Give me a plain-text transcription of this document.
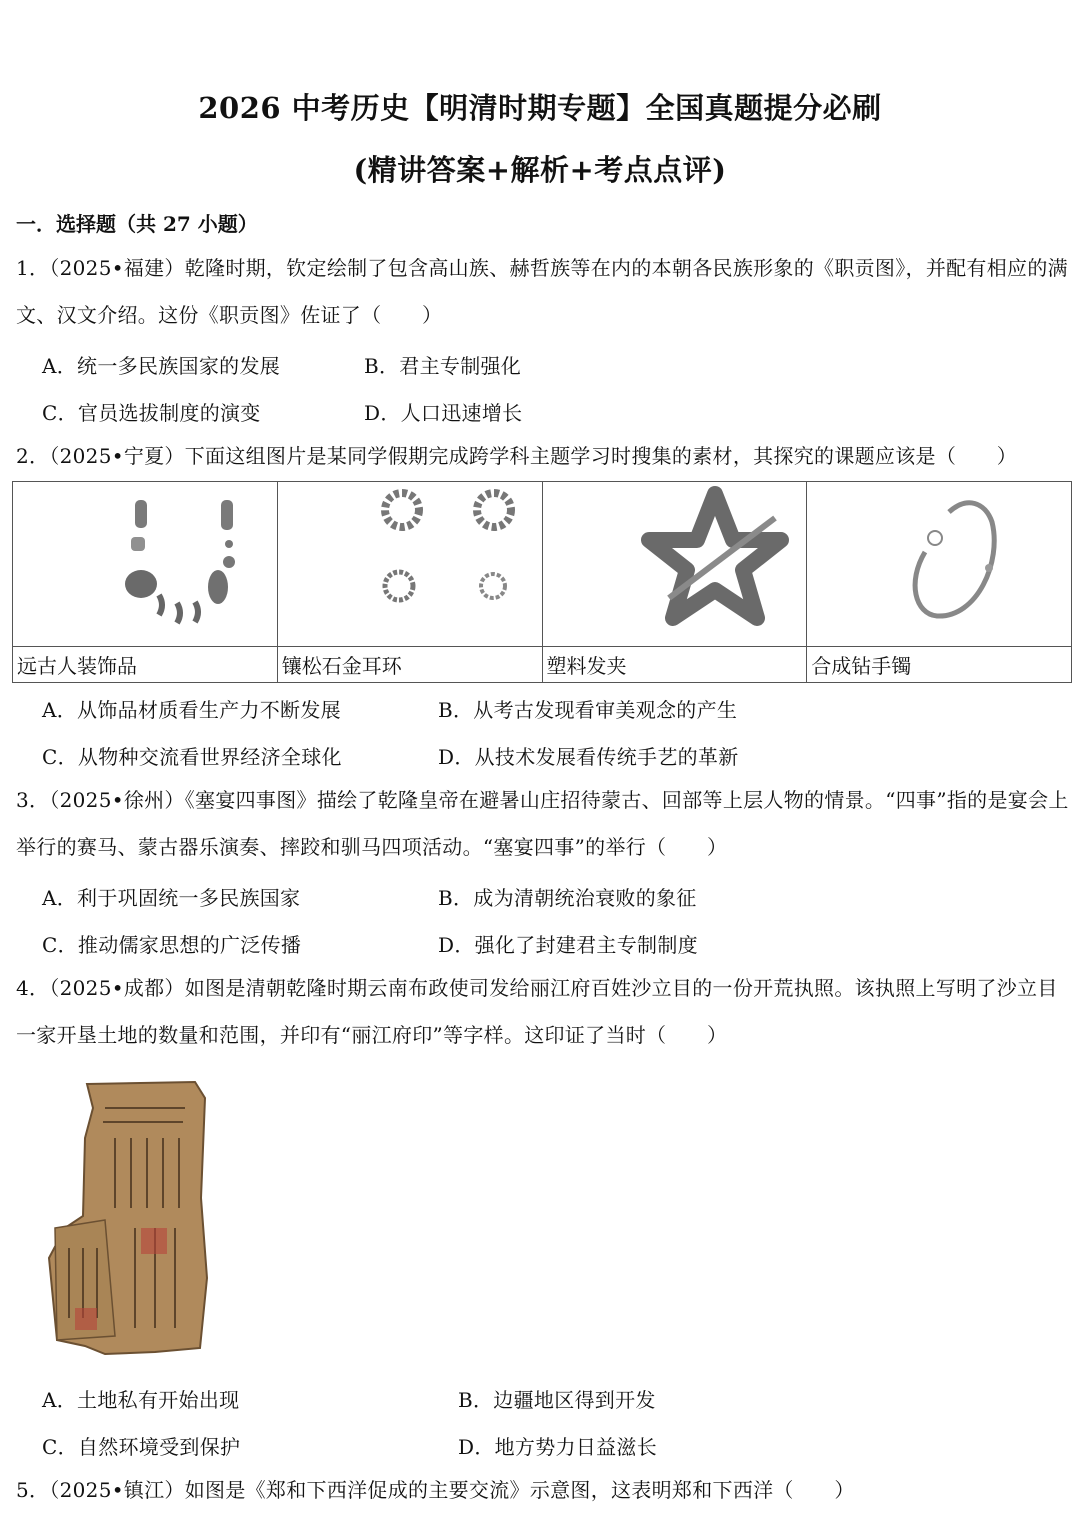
2026 中考历史【明清时期专题】全国真题提分必刷
(精讲答案+解析+考点点评)
一．选择题（共 27 小题）
1．（2025•福建）乾隆时期，钦定绘制了包含高山族、赫哲族等在内的本朝各民族形象的《职贡图》，并配有相应的满文、汉文介绍。这份《职贡图》佐证了（　　）
A．统一多民族国家的发展	B．君主专制强化
C．官员选拔制度的演变	D．人口迅速增长
2．（2025•宁夏）下面这组图片是某同学假期完成跨学科主题学习时搜集的素材，其探究的课题应该是（　　）
远古人装饰品	镶松石金耳环	塑料发夹	合成钻手镯
A．从饰品材质看生产力不断发展	B．从考古发现看审美观念的产生
C．从物种交流看世界经济全球化	D．从技术发展看传统手艺的革新
3．（2025•徐州）《塞宴四事图》描绘了乾隆皇帝在避暑山庄招待蒙古、回部等上层人物的情景。“四事”指的是宴会上举行的赛马、蒙古器乐演奏、摔跤和驯马四项活动。“塞宴四事”的举行（　　）
A．利于巩固统一多民族国家	B．成为清朝统治衰败的象征
C．推动儒家思想的广泛传播	D．强化了封建君主专制制度
4．（2025•成都）如图是清朝乾隆时期云南布政使司发给丽江府百姓沙立目的一份开荒执照。该执照上写明了沙立目一家开垦土地的数量和范围，并印有“丽江府印”等字样。这印证了当时（　　）
A．土地私有开始出现	B．边疆地区得到开发
C．自然环境受到保护	D．地方势力日益滋长
5．（2025•镇江）如图是《郑和下西洋促成的主要交流》示意图，这表明郑和下西洋（　　）
